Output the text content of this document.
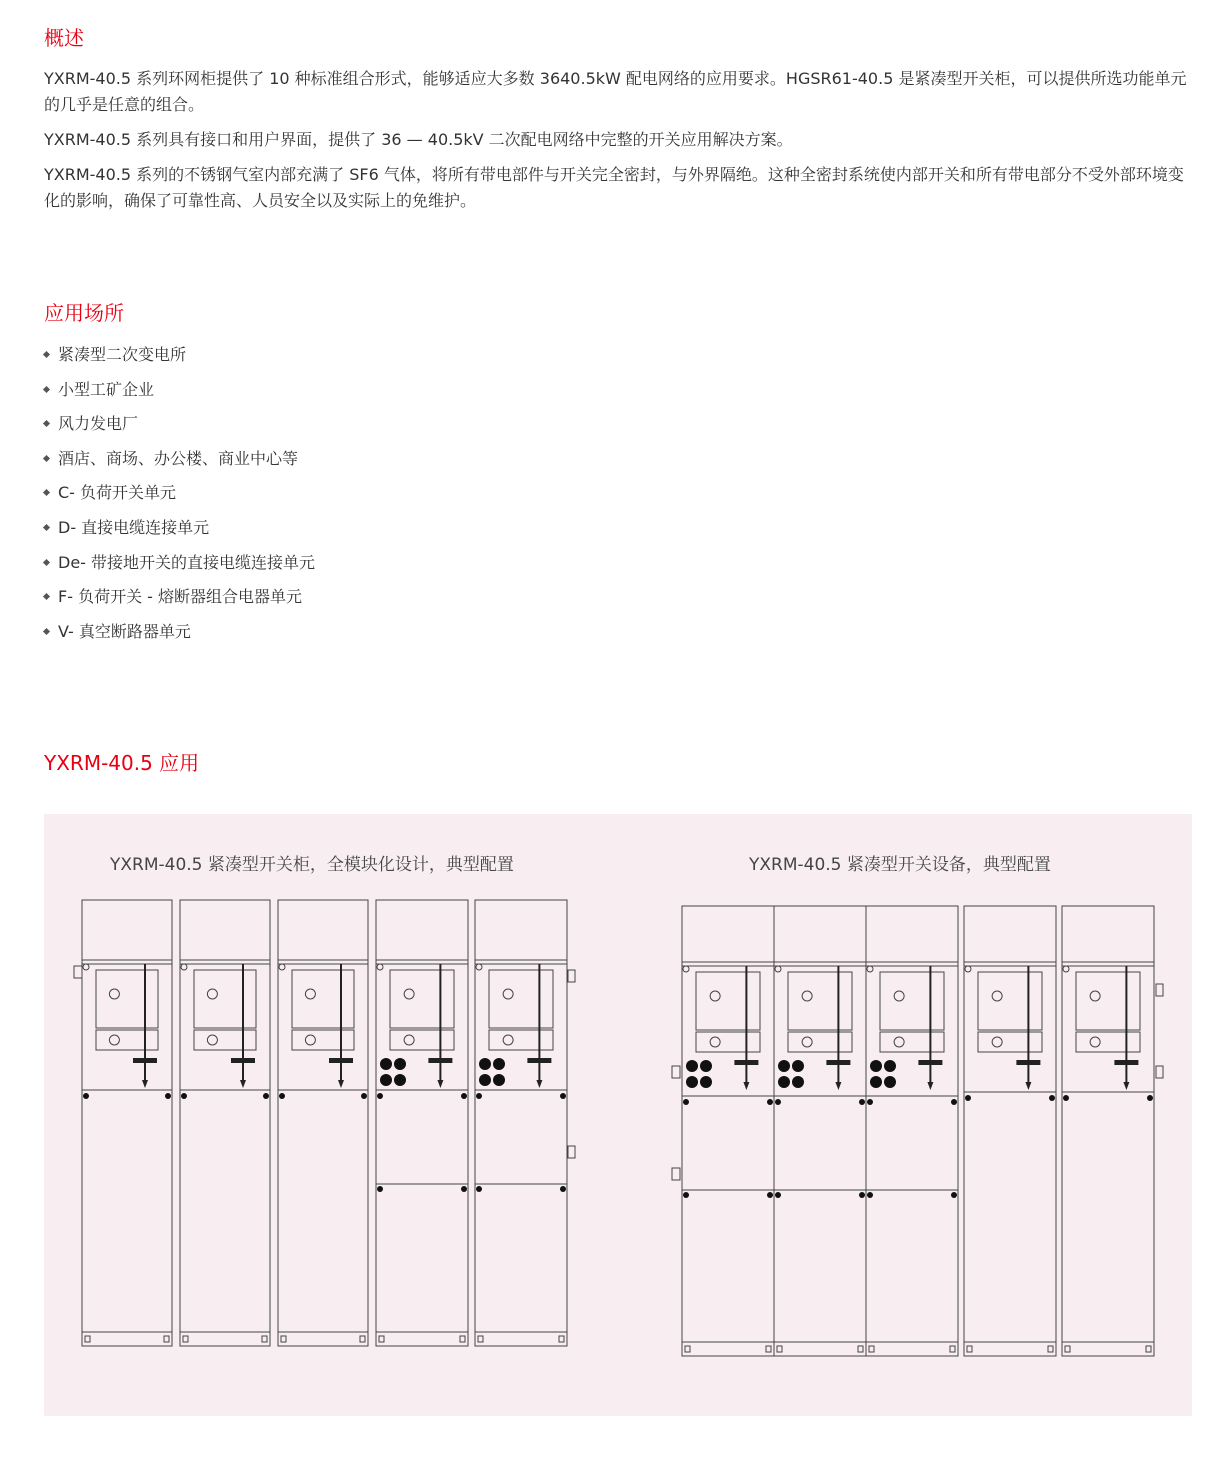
概述

YXRM-40.5 系列环网柜提供了 10 种标准组合形式，能够适应大多数 3640.5kW 配电网络的应用要求。HGSR61-40.5 是紧凑型开关柜，可以提供所选功能单元的几乎是任意的组合。

YXRM-40.5 系列具有接口和用户界面，提供了 36 — 40.5kV 二次配电网络中完整的开关应用解决方案。

YXRM-40.5 系列的不锈钢气室内部充满了 SF6 气体，将所有带电部件与开关完全密封，与外界隔绝。这种全密封系统使内部开关和所有带电部分不受外部环境变化的影响，确保了可靠性高、人员安全以及实际上的免维护。

应用场所
紧凑型二次变电所
小型工矿企业
风力发电厂
酒店、商场、办公楼、商业中心等
C- 负荷开关单元
D- 直接电缆连接单元
De- 带接地开关的直接电缆连接单元
F- 负荷开关 - 熔断器组合电器单元
V- 真空断路器单元
YXRM-40.5 应用
YXRM-40.5 紧凑型开关柜，全模块化设计，典型配置	YXRM-40.5 紧凑型开关设备，典型配置
